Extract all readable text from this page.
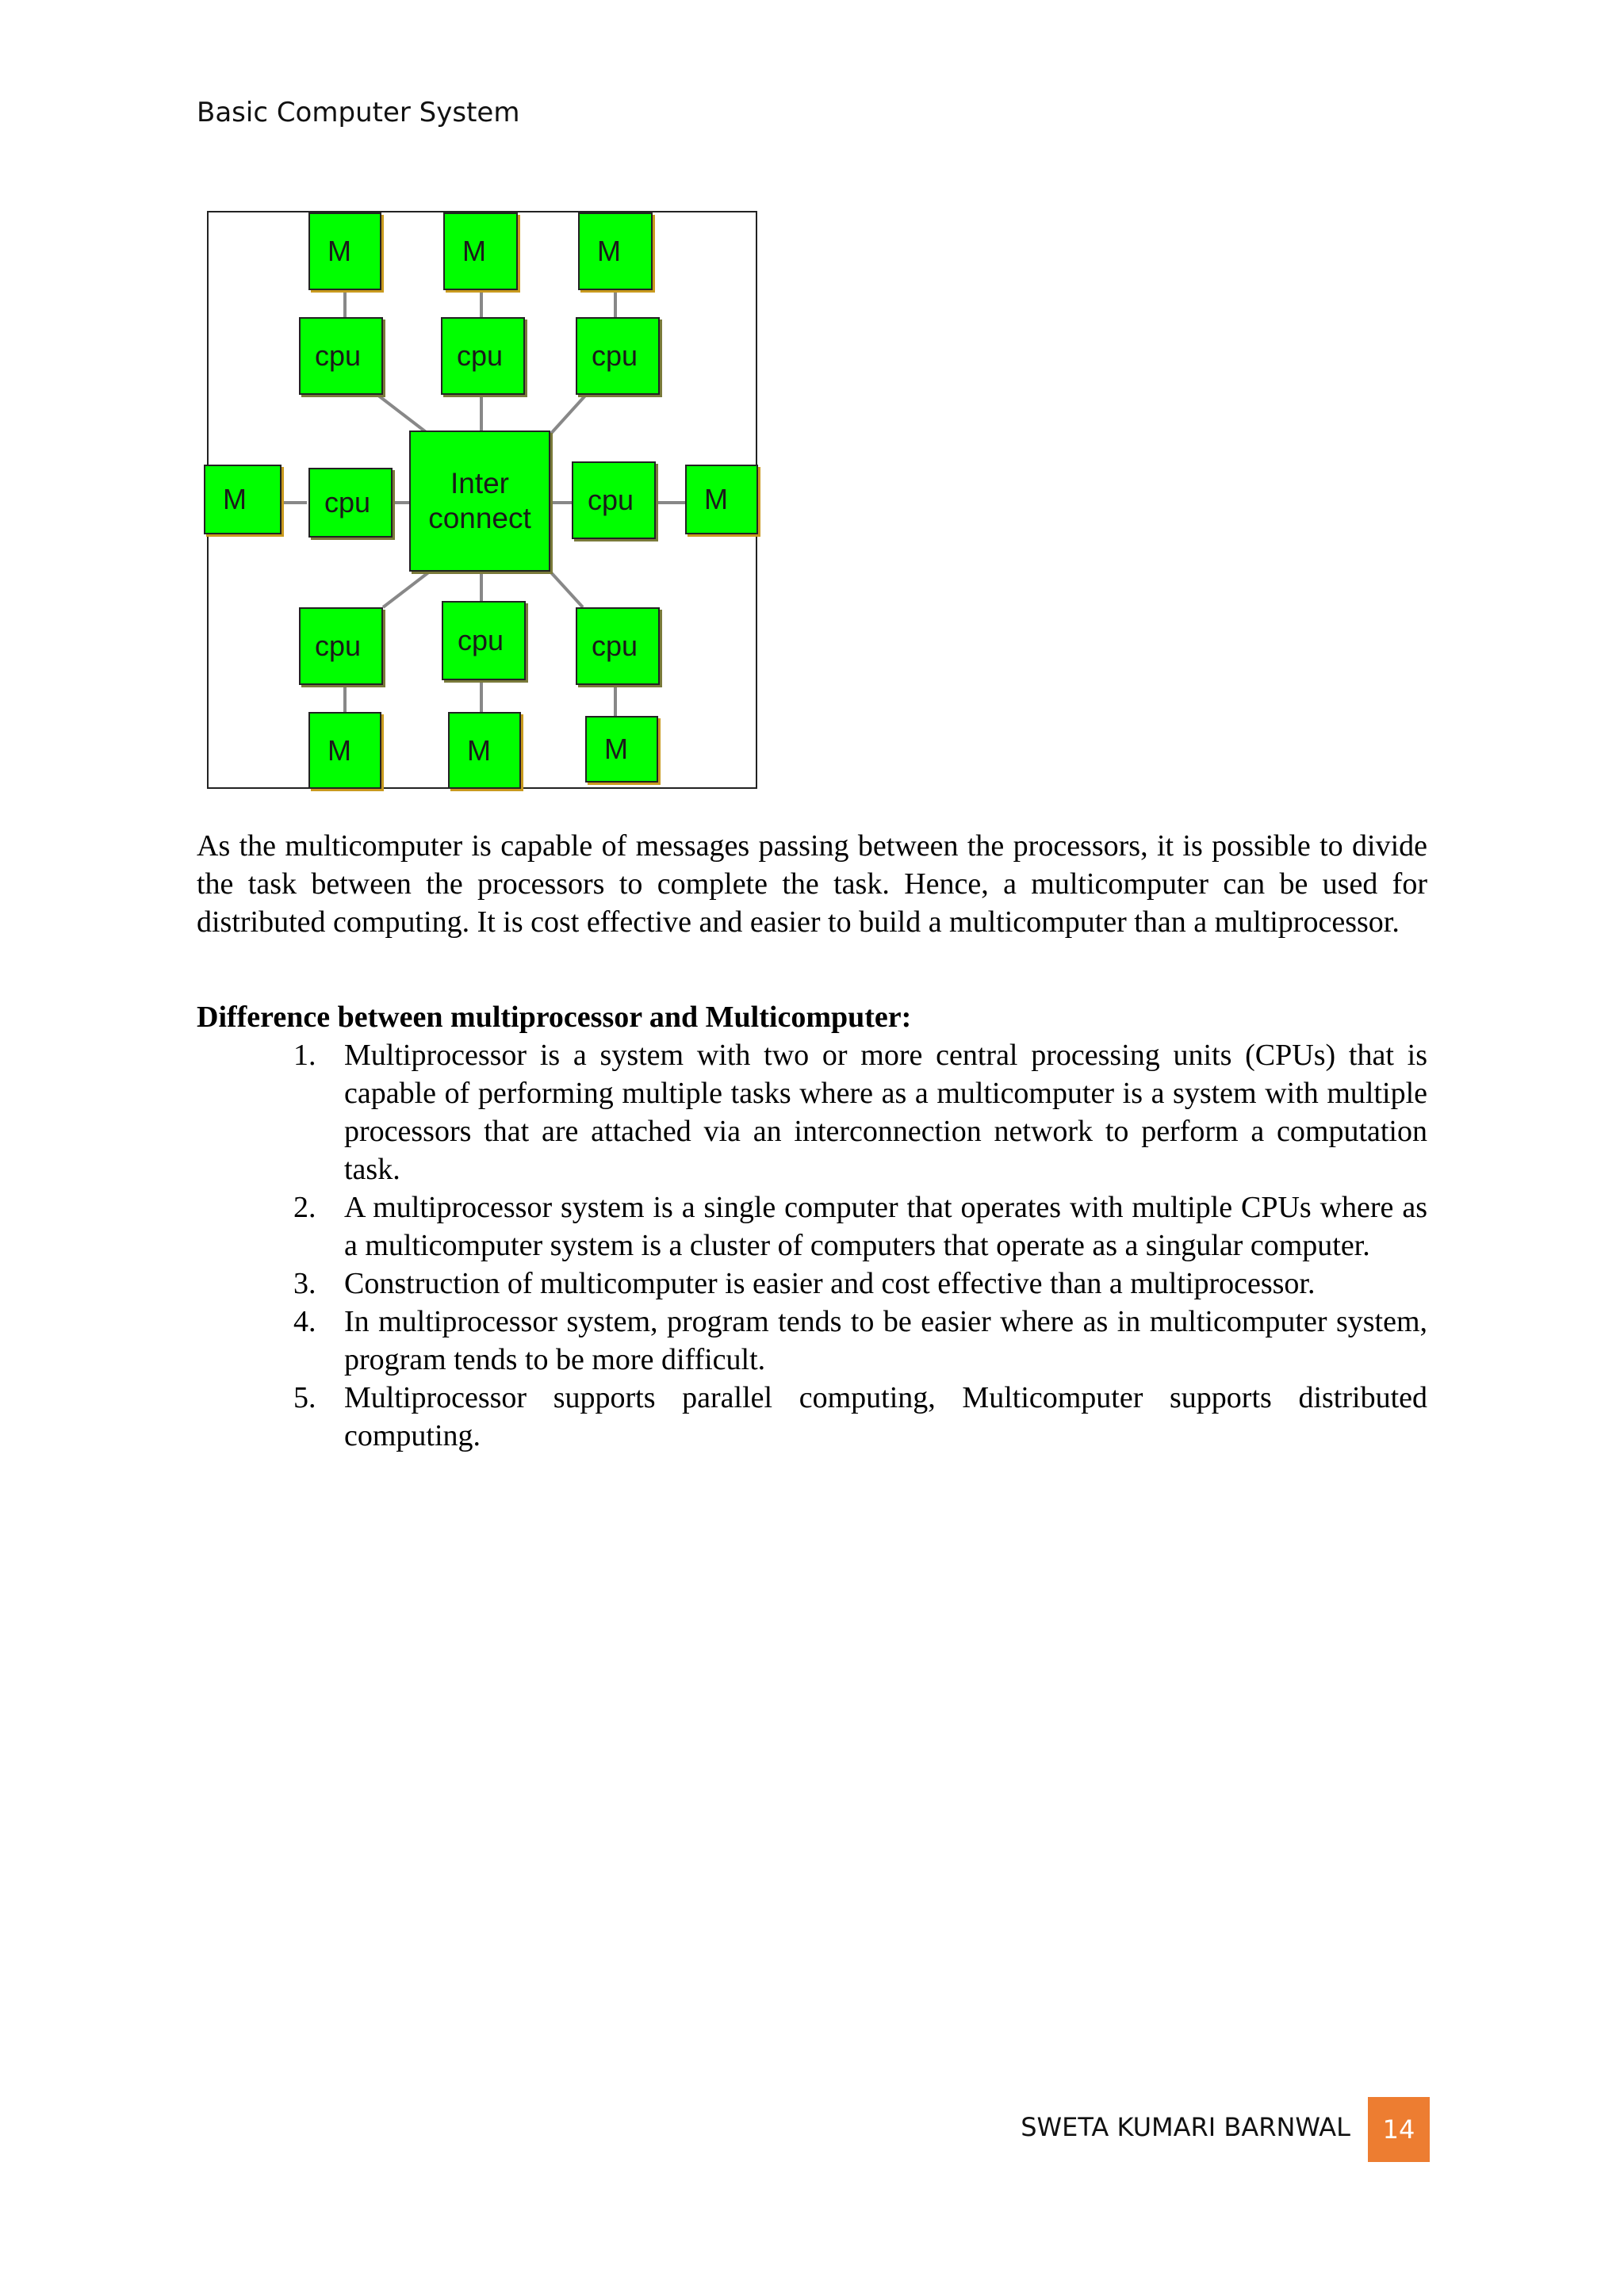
Basic Computer System
M	M	M
cpu	cpu	cpu
M	cpu
Inter
connect
cpu	M
cpu	cpu	cpu
M	M	M
As the multicomputer is capable of messages passing between the processors, it is possible to divide the task between the processors to complete the task. Hence, a multicomputer can be used for distributed computing. It is cost effective and easier to build a multicomputer than a multiprocessor.
Difference between multiprocessor and Multicomputer:
1. Multiprocessor is a system with two or more central processing units (CPUs) that is capable of performing multiple tasks where as a multicomputer is a system with multiple processors that are attached via an interconnection network to perform a computation task.
2. A multiprocessor system is a single computer that operates with multiple CPUs where as a multicomputer system is a cluster of computers that operate as a singular computer.
3. Construction of multicomputer is easier and cost effective than a multiprocessor.
4. In multiprocessor system, program tends to be easier where as in multicomputer system, program tends to be more difficult.
5. Multiprocessor supports parallel computing, Multicomputer supports distributed computing.
SWETA KUMARI BARNWAL	14
